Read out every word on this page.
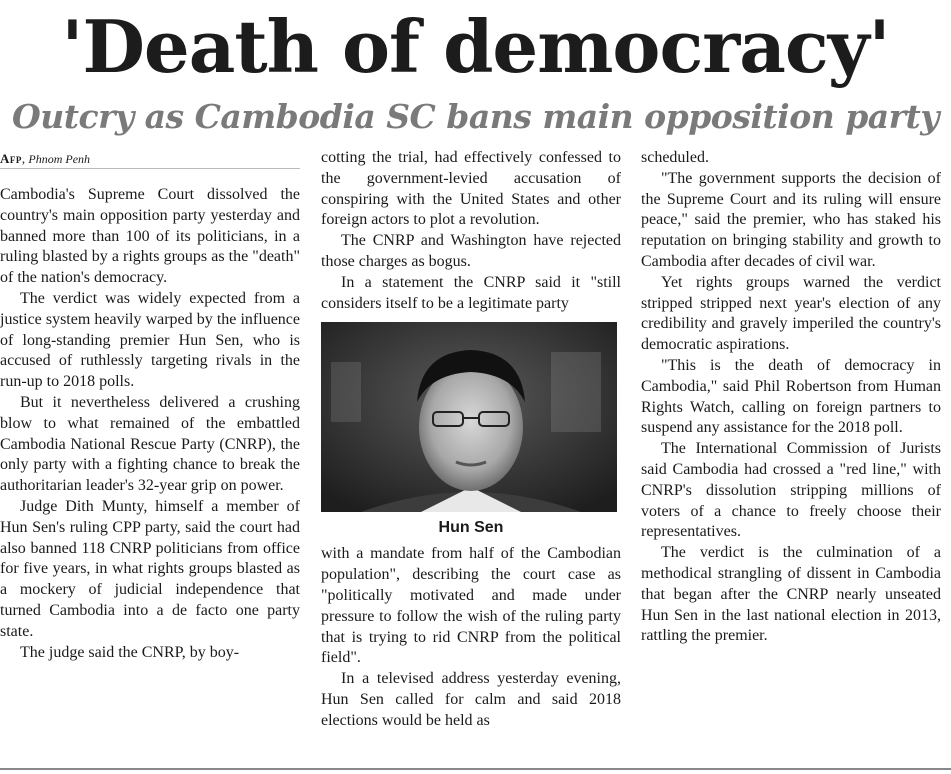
'Death of democracy'
Outcry as Cambodia SC bans main opposition party
Afp, Phnom Penh

Cambodia's Supreme Court dissolved the country's main opposition party yesterday and banned more than 100 of its politicians, in a ruling blasted by a rights groups as the "death" of the nation's democracy.

The verdict was widely expected from a justice system heavily warped by the influence of long-standing premier Hun Sen, who is accused of ruthlessly targeting rivals in the run-up to 2018 polls.

But it nevertheless delivered a crushing blow to what remained of the embattled Cambodia National Rescue Party (CNRP), the only party with a fighting chance to break the authoritarian leader's 32-year grip on power.

Judge Dith Munty, himself a member of Hun Sen's ruling CPP party, said the court had also banned 118 CNRP politicians from office for five years, in what rights groups blasted as a mockery of judicial independence that turned Cambodia into a de facto one party state.

The judge said the CNRP, by boy-

cotting the trial, had effectively confessed to the government-levied accusation of conspiring with the United States and other foreign actors to plot a revolution.

The CNRP and Washington have rejected those charges as bogus.

In a statement the CNRP said it "still considers itself to be a legitimate party

Hun Sen

with a mandate from half of the Cambodian population", describing the court case as "politically motivated and made under pressure to follow the wish of the ruling party that is trying to rid CNRP from the political field".

In a televised address yesterday evening, Hun Sen called for calm and said 2018 elections would be held as

scheduled.

"The government supports the decision of the Supreme Court and its ruling will ensure peace," said the premier, who has staked his reputation on bringing stability and growth to Cambodia after decades of civil war.

Yet rights groups warned the verdict stripped stripped next year's election of any credibility and gravely imperiled the country's democratic aspirations.

"This is the death of democracy in Cambodia," said Phil Robertson from Human Rights Watch, calling on foreign partners to suspend any assistance for the 2018 poll.

The International Commission of Jurists said Cambodia had crossed a "red line," with CNRP's dissolution stripping millions of voters of a chance to freely choose their representatives.

The verdict is the culmination of a methodical strangling of dissent in Cambodia that began after the CNRP nearly unseated Hun Sen in the last national election in 2013, rattling the premier.
